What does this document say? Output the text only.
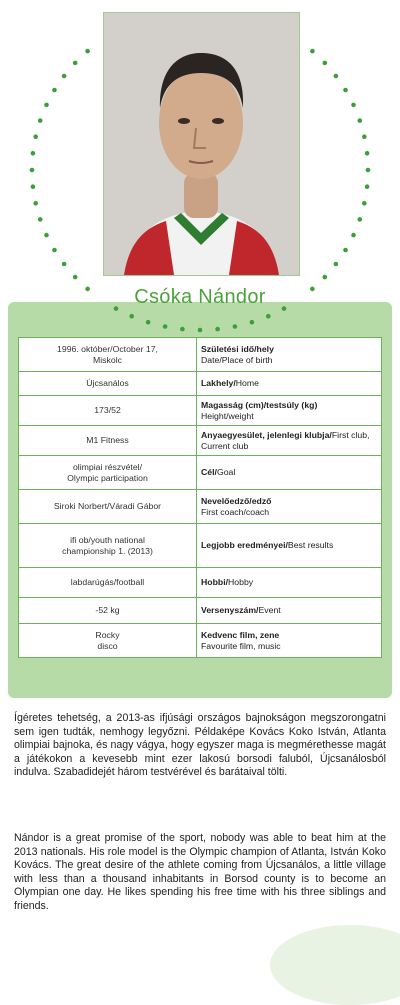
Csóka Nándor
1996. október/October 17,
Miskolc	Születési idő/hely
Date/Place of birth
Újcsanálos	Lakhely/Home
173/52	Magasság (cm)/testsúly (kg)
Height/weight
M1 Fitness	Anyaegyesület, jelenlegi klubja/First club, Current club
olimpiai részvétel/
Olympic participation	Cél/Goal
Siroki Norbert/Váradi Gábor	Nevelőedző/edző
First coach/coach
ifi ob/youth national
championship 1. (2013)	Legjobb eredményei/Best results
labdarúgás/football	Hobbi/Hobby
-52 kg	Versenyszám/Event
Rocky
disco	Kedvenc film, zene
Favourite film, music

Ígéretes tehetség, a 2013-as ifjúsági országos bajnokságon megszorongatni sem igen tudták, nemhogy legyőzni. Példaképe Kovács Koko István, Atlanta olimpiai bajnoka, és nagy vágya, hogy egyszer maga is megmérethesse magát a játékokon a kevesebb mint ezer lakosú borsodi faluból, Újcsanálosból indulva. Szabadidejét három testvérével és barátaival tölti.

Nándor is a great promise of the sport, nobody was able to beat him at the 2013 nationals. His role model is the Olympic champion of Atlanta, István Koko Kovács. The great desire of the athlete coming from Újcsanálos, a little village with less than a thousand inhabitants in Borsod county is to become an Olympian one day. He likes spending his free time with his three siblings and friends.
